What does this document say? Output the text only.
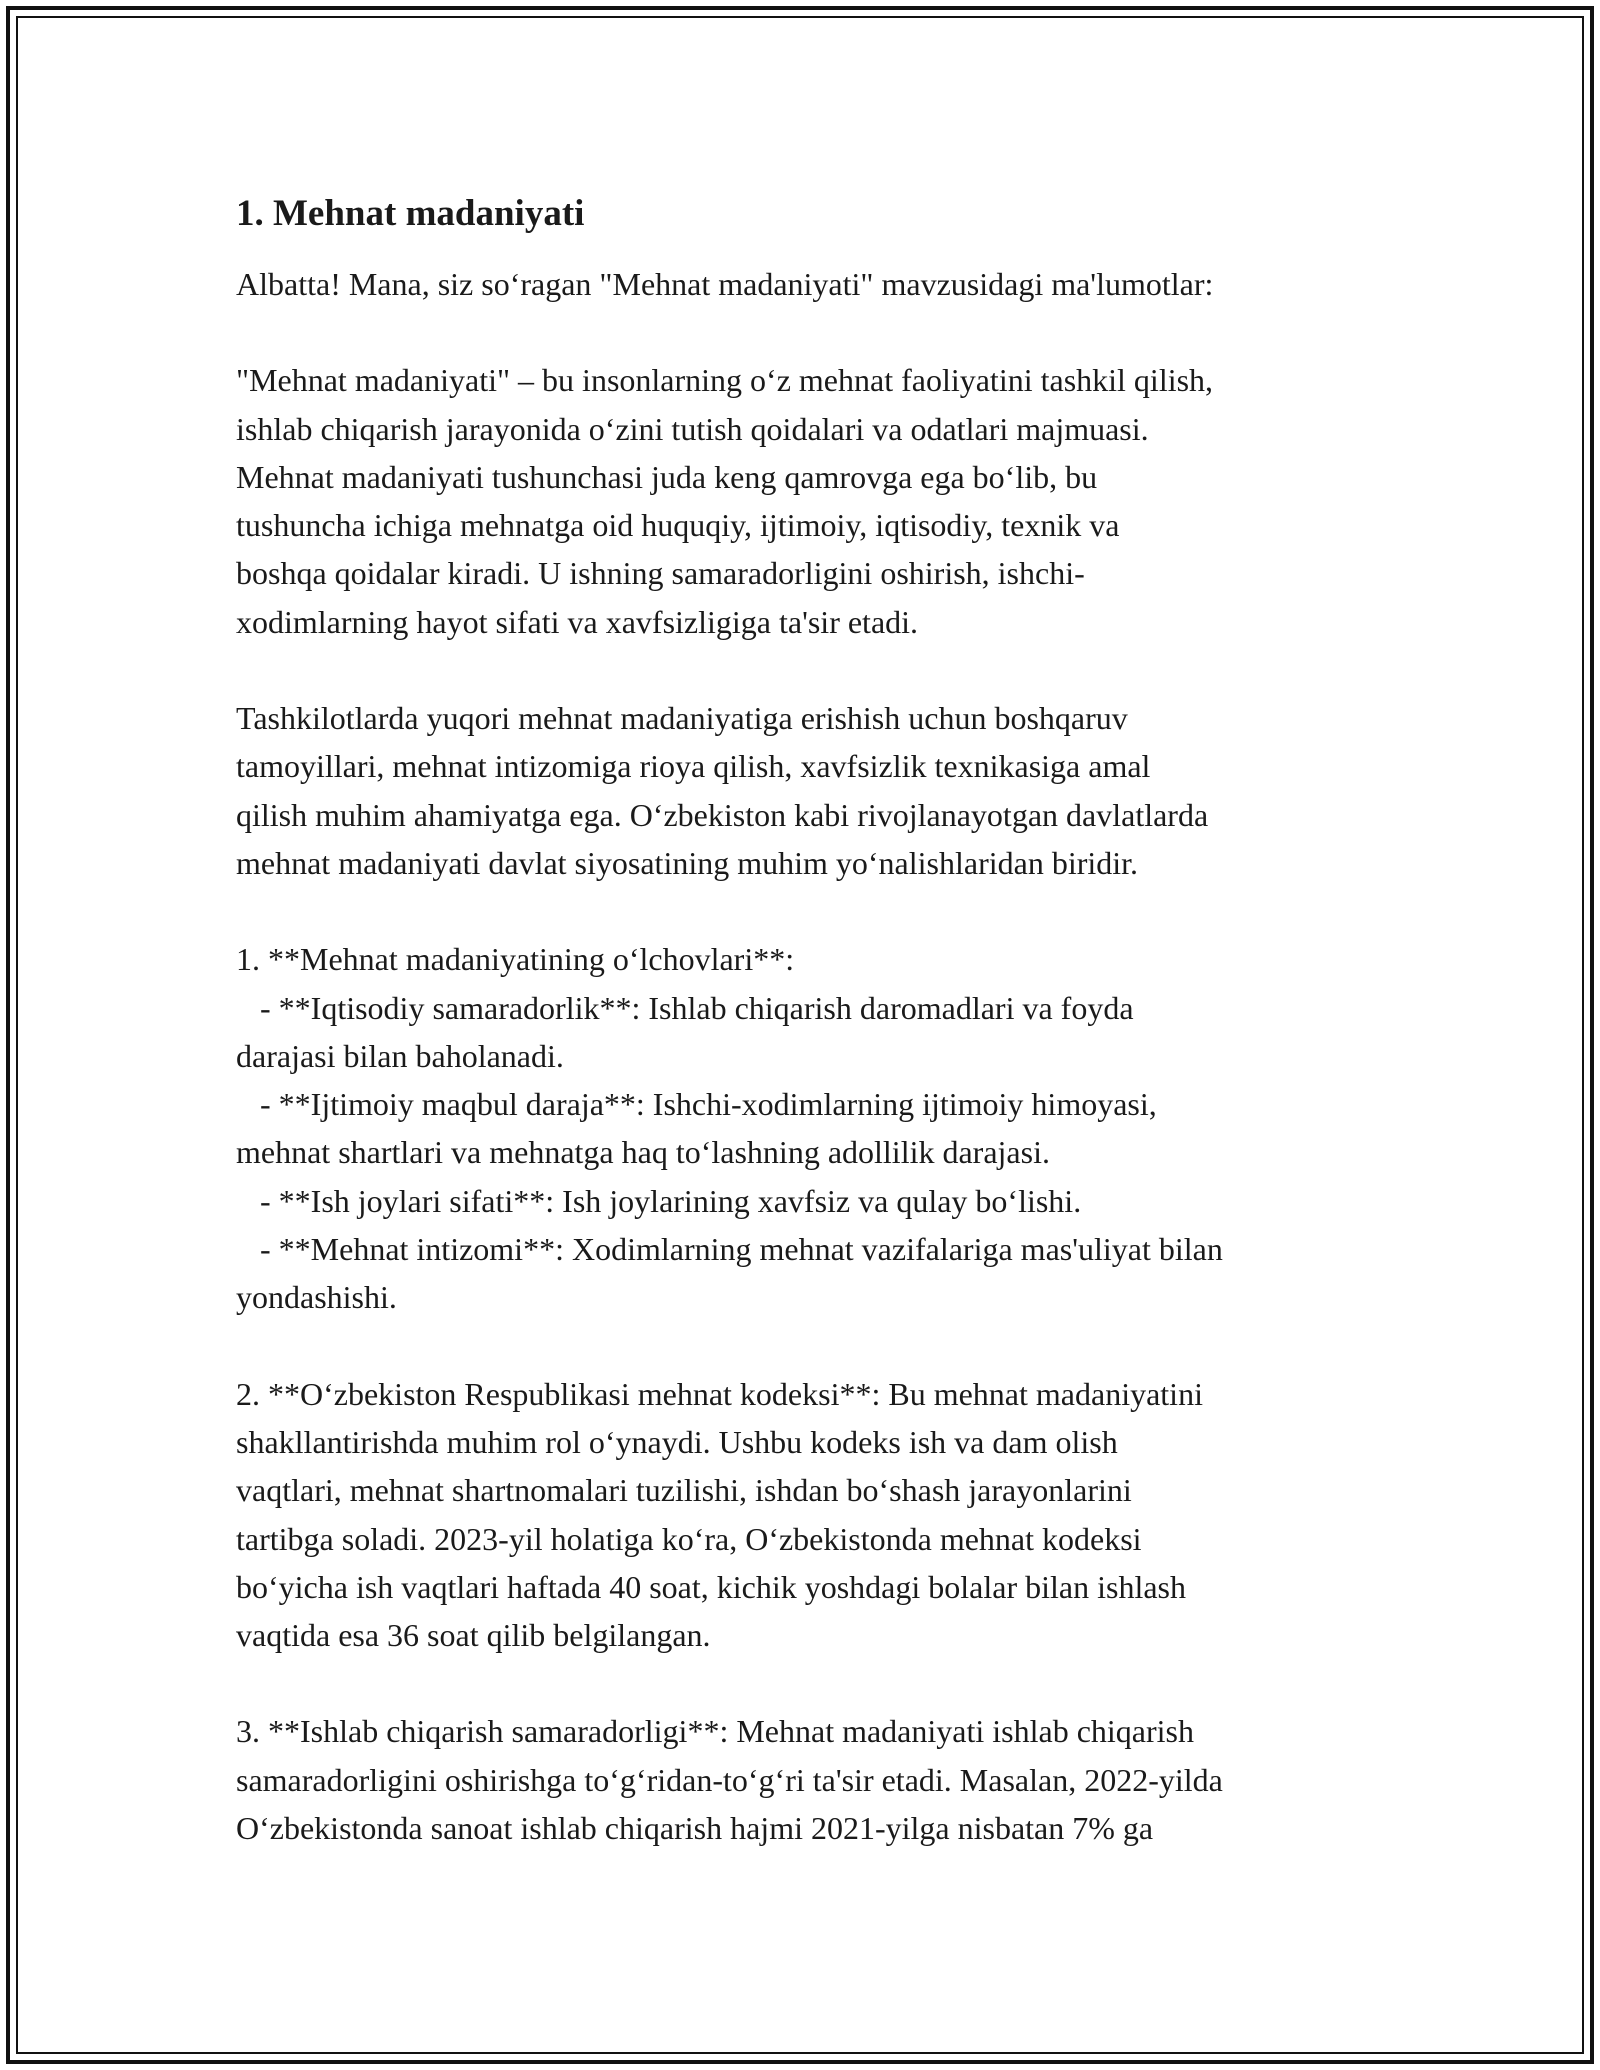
1. Mehnat madaniyati

Albatta! Mana, siz so‘ragan "Mehnat madaniyati" mavzusidagi ma'lumotlar:

"Mehnat madaniyati" – bu insonlarning o‘z mehnat faoliyatini tashkil qilish,
ishlab chiqarish jarayonida o‘zini tutish qoidalari va odatlari majmuasi.
Mehnat madaniyati tushunchasi juda keng qamrovga ega bo‘lib, bu
tushuncha ichiga mehnatga oid huquqiy, ijtimoiy, iqtisodiy, texnik va
boshqa qoidalar kiradi. U ishning samaradorligini oshirish, ishchi-
xodimlarning hayot sifati va xavfsizligiga ta'sir etadi.

Tashkilotlarda yuqori mehnat madaniyatiga erishish uchun boshqaruv
tamoyillari, mehnat intizomiga rioya qilish, xavfsizlik texnikasiga amal
qilish muhim ahamiyatga ega. O‘zbekiston kabi rivojlanayotgan davlatlarda
mehnat madaniyati davlat siyosatining muhim yo‘nalishlaridan biridir.

1. **Mehnat madaniyatining o‘lchovlari**:
- **Iqtisodiy samaradorlik**: Ishlab chiqarish daromadlari va foyda
darajasi bilan baholanadi.
- **Ijtimoiy maqbul daraja**: Ishchi-xodimlarning ijtimoiy himoyasi,
mehnat shartlari va mehnatga haq to‘lashning adollilik darajasi.
- **Ish joylari sifati**: Ish joylarining xavfsiz va qulay bo‘lishi.
- **Mehnat intizomi**: Xodimlarning mehnat vazifalariga mas'uliyat bilan
yondashishi.

2. **O‘zbekiston Respublikasi mehnat kodeksi**: Bu mehnat madaniyatini
shakllantirishda muhim rol o‘ynaydi. Ushbu kodeks ish va dam olish
vaqtlari, mehnat shartnomalari tuzilishi, ishdan bo‘shash jarayonlarini
tartibga soladi. 2023-yil holatiga ko‘ra, O‘zbekistonda mehnat kodeksi
bo‘yicha ish vaqtlari haftada 40 soat, kichik yoshdagi bolalar bilan ishlash
vaqtida esa 36 soat qilib belgilangan.

3. **Ishlab chiqarish samaradorligi**: Mehnat madaniyati ishlab chiqarish
samaradorligini oshirishga to‘g‘ridan-to‘g‘ri ta'sir etadi. Masalan, 2022-yilda
O‘zbekistonda sanoat ishlab chiqarish hajmi 2021-yilga nisbatan 7% ga
